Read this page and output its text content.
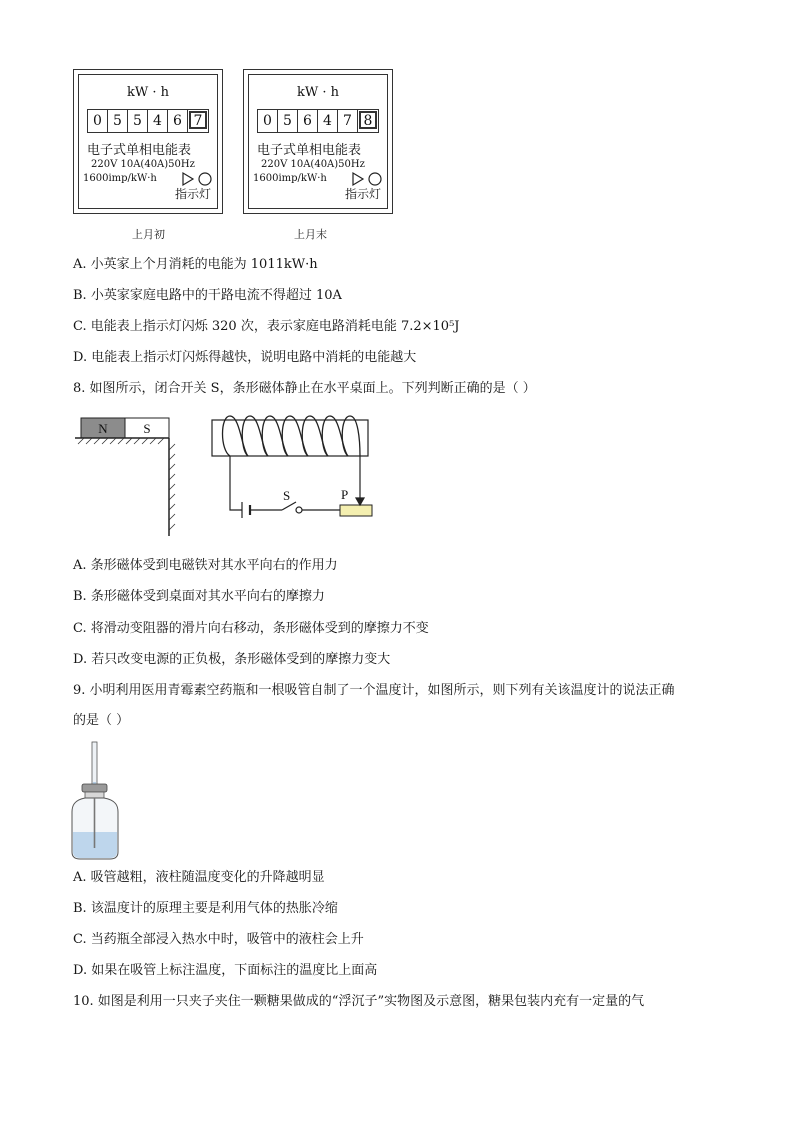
kW · h
0 5 5 4 6 7
电子式单相电能表
220V 10A(40A)50Hz
1600imp/kW·h
指示灯
上月初
kW · h
0 5 6 4 7 8
电子式单相电能表
220V 10A(40A)50Hz
1600imp/kW·h
指示灯
上月末
A. 小英家上个月消耗的电能为 1011kW·h
B. 小英家家庭电路中的干路电流不得超过 10A
C. 电能表上指示灯闪烁 320 次，表示家庭电路消耗电能 7.2×10⁵J
D. 电能表上指示灯闪烁得越快，说明电路中消耗的电能越大
8. 如图所示，闭合开关 S，条形磁体静止在水平桌面上。下列判断正确的是（ ）
N	S
S	P
A. 条形磁体受到电磁铁对其水平向右的作用力
B. 条形磁体受到桌面对其水平向右的摩擦力
C. 将滑动变阻器的滑片向右移动，条形磁体受到的摩擦力不变
D. 若只改变电源的正负极，条形磁体受到的摩擦力变大
9. 小明利用医用青霉素空药瓶和一根吸管自制了一个温度计，如图所示，则下列有关该温度计的说法正确
的是（ ）
A. 吸管越粗，液柱随温度变化的升降越明显
B. 该温度计的原理主要是利用气体的热胀冷缩
C. 当药瓶全部浸入热水中时，吸管中的液柱会上升
D. 如果在吸管上标注温度，下面标注的温度比上面高
10. 如图是利用一只夹子夹住一颗糖果做成的“浮沉子”实物图及示意图，糖果包装内充有一定量的气
